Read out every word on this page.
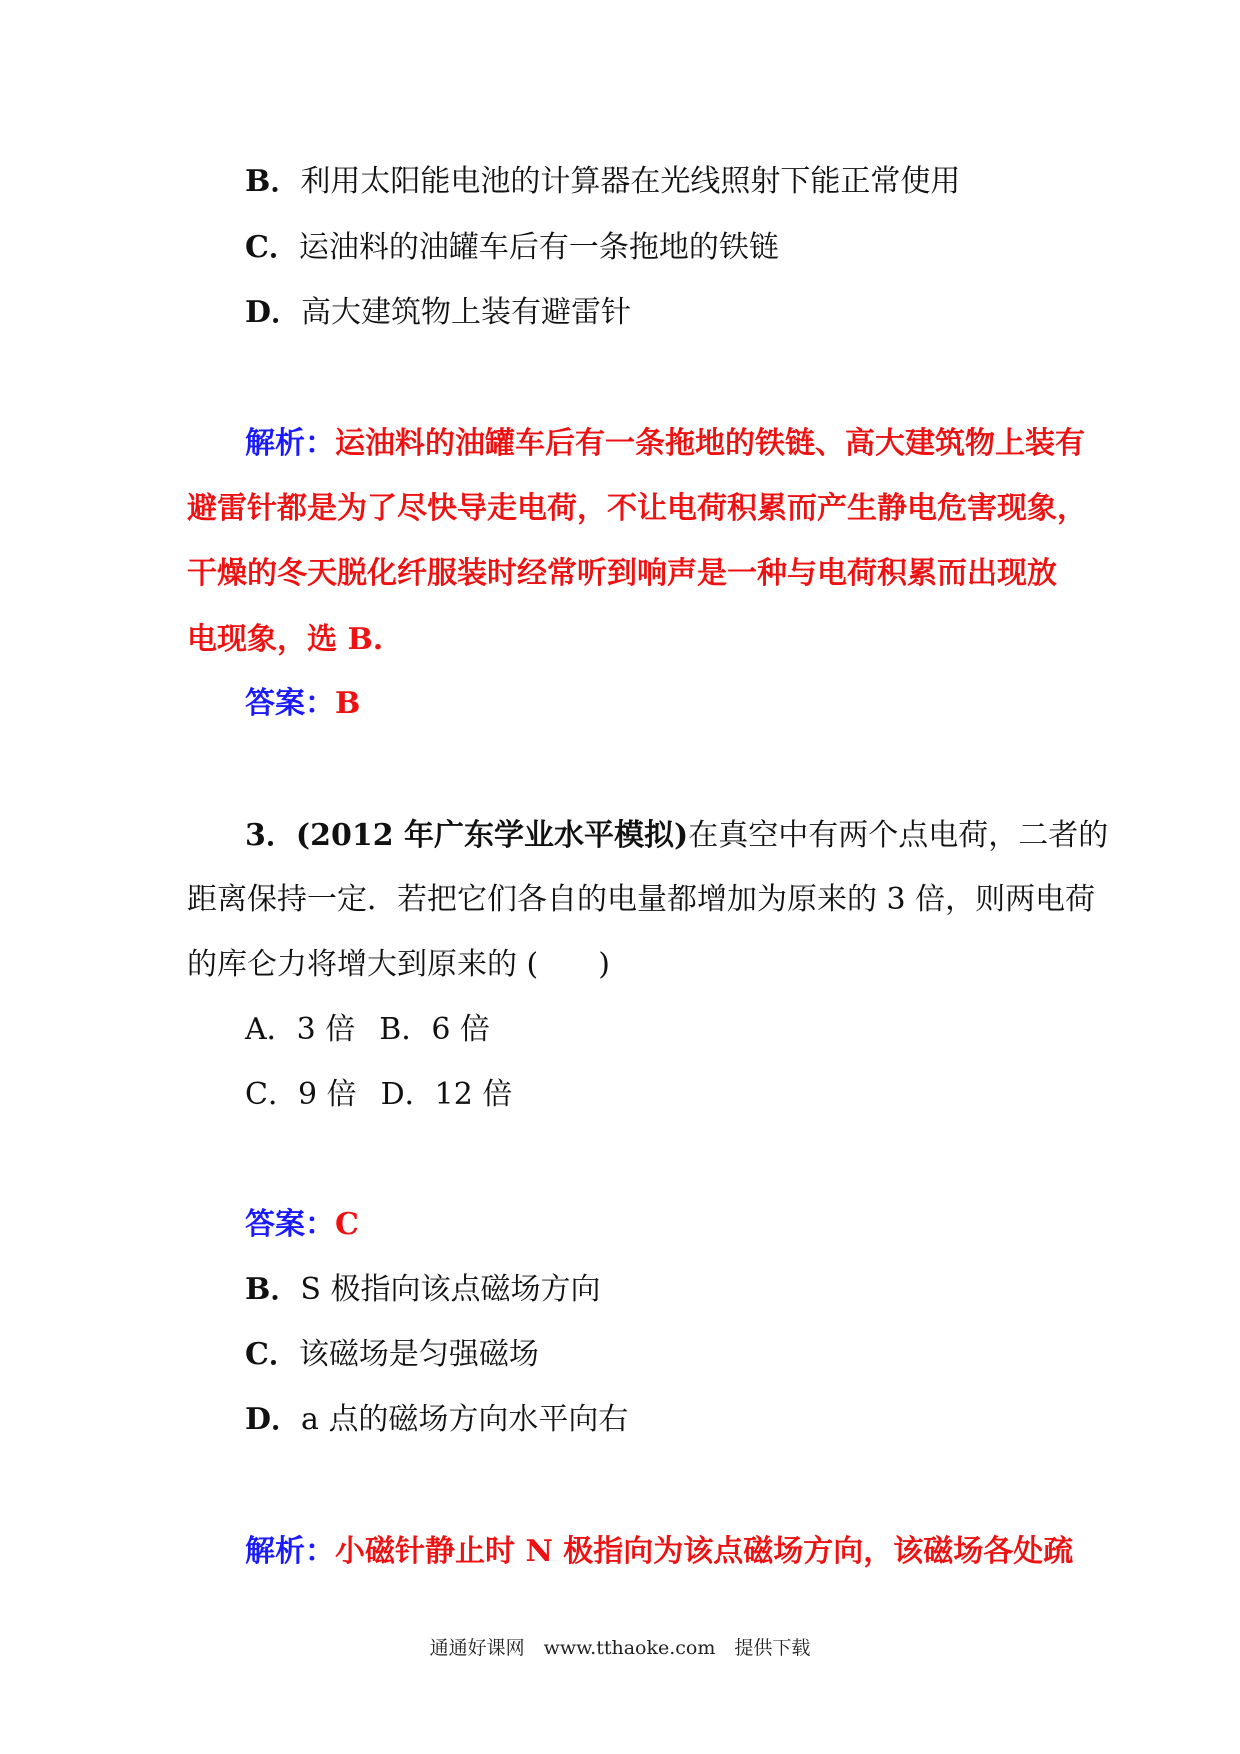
B．利用太阳能电池的计算器在光线照射下能正常使用
C．运油料的油罐车后有一条拖地的铁链
D．高大建筑物上装有避雷针
解析：运油料的油罐车后有一条拖地的铁链、高大建筑物上装有
避雷针都是为了尽快导走电荷，不让电荷积累而产生静电危害现象，
干燥的冬天脱化纤服装时经常听到响声是一种与电荷积累而出现放
电现象，选 B.
答案：B
3．(2012 年广东学业水平模拟)在真空中有两个点电荷，二者的
距离保持一定．若把它们各自的电量都增加为原来的 3 倍，则两电荷
的库仑力将增大到原来的 (　　)
A．3 倍 B．6 倍
C．9 倍 D．12 倍
答案：C
B．S 极指向该点磁场方向
C．该磁场是匀强磁场
D．a 点的磁场方向水平向右
解析：小磁针静止时 N 极指向为该点磁场方向，该磁场各处疏
通通好课网　www.tthaoke.com　提供下载
